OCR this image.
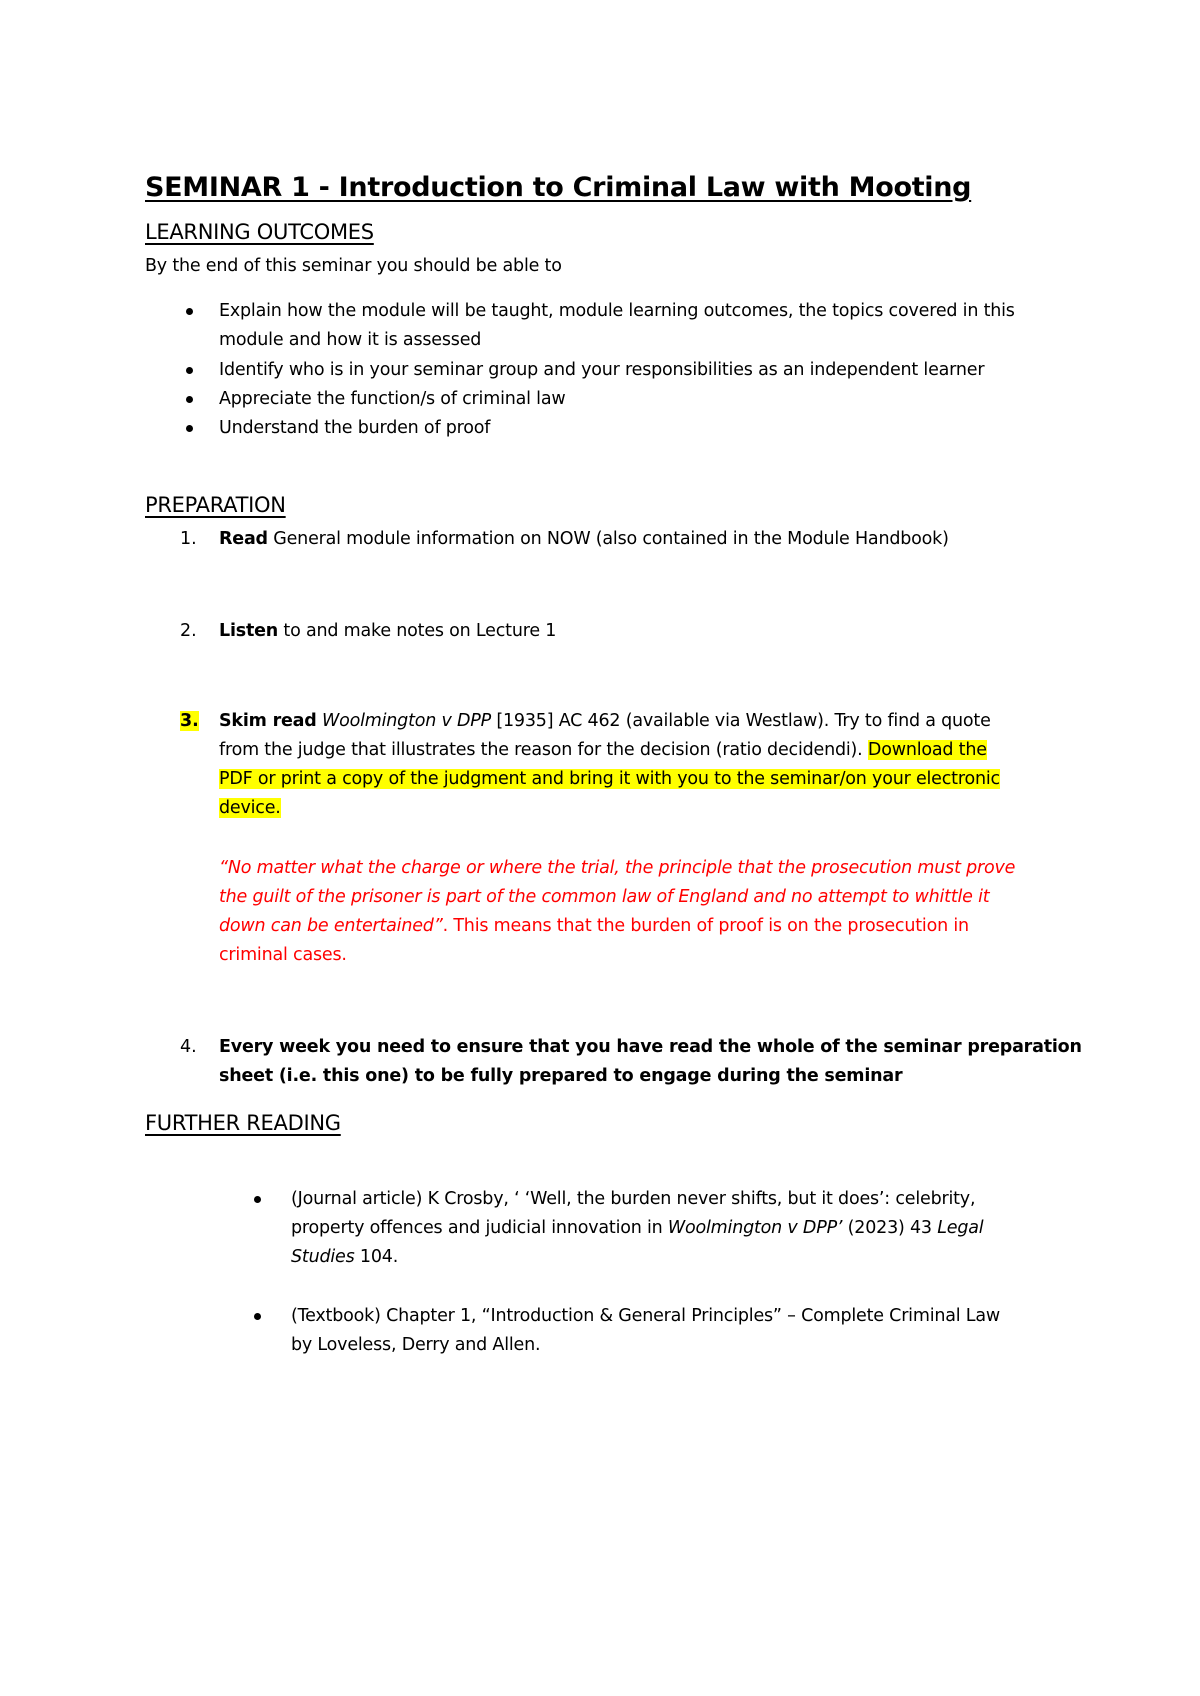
SEMINAR 1 - Introduction to Criminal Law with Mooting
LEARNING OUTCOMES
By the end of this seminar you should be able to
Explain how the module will be taught, module learning outcomes, the topics covered in this
module and how it is assessed
Identify who is in your seminar group and your responsibilities as an independent learner
Appreciate the function/s of criminal law
Understand the burden of proof
PREPARATION
1. Read General module information on NOW (also contained in the Module Handbook)
2. Listen to and make notes on Lecture 1
3. Skim read Woolmington v DPP [1935] AC 462 (available via Westlaw). Try to find a quote
from the judge that illustrates the reason for the decision (ratio decidendi). Download the
PDF or print a copy of the judgment and bring it with you to the seminar/on your electronic
device.
“No matter what the charge or where the trial, the principle that the prosecution must prove
the guilt of the prisoner is part of the common law of England and no attempt to whittle it
down can be entertained”. This means that the burden of proof is on the prosecution in
criminal cases.
4. Every week you need to ensure that you have read the whole of the seminar preparation
sheet (i.e. this one) to be fully prepared to engage during the seminar
FURTHER READING
(Journal article) K Crosby, ‘ ‘Well, the burden never shifts, but it does’: celebrity,
property offences and judicial innovation in Woolmington v DPP’ (2023) 43 Legal
Studies 104.
(Textbook) Chapter 1, “Introduction & General Principles” – Complete Criminal Law
by Loveless, Derry and Allen.
